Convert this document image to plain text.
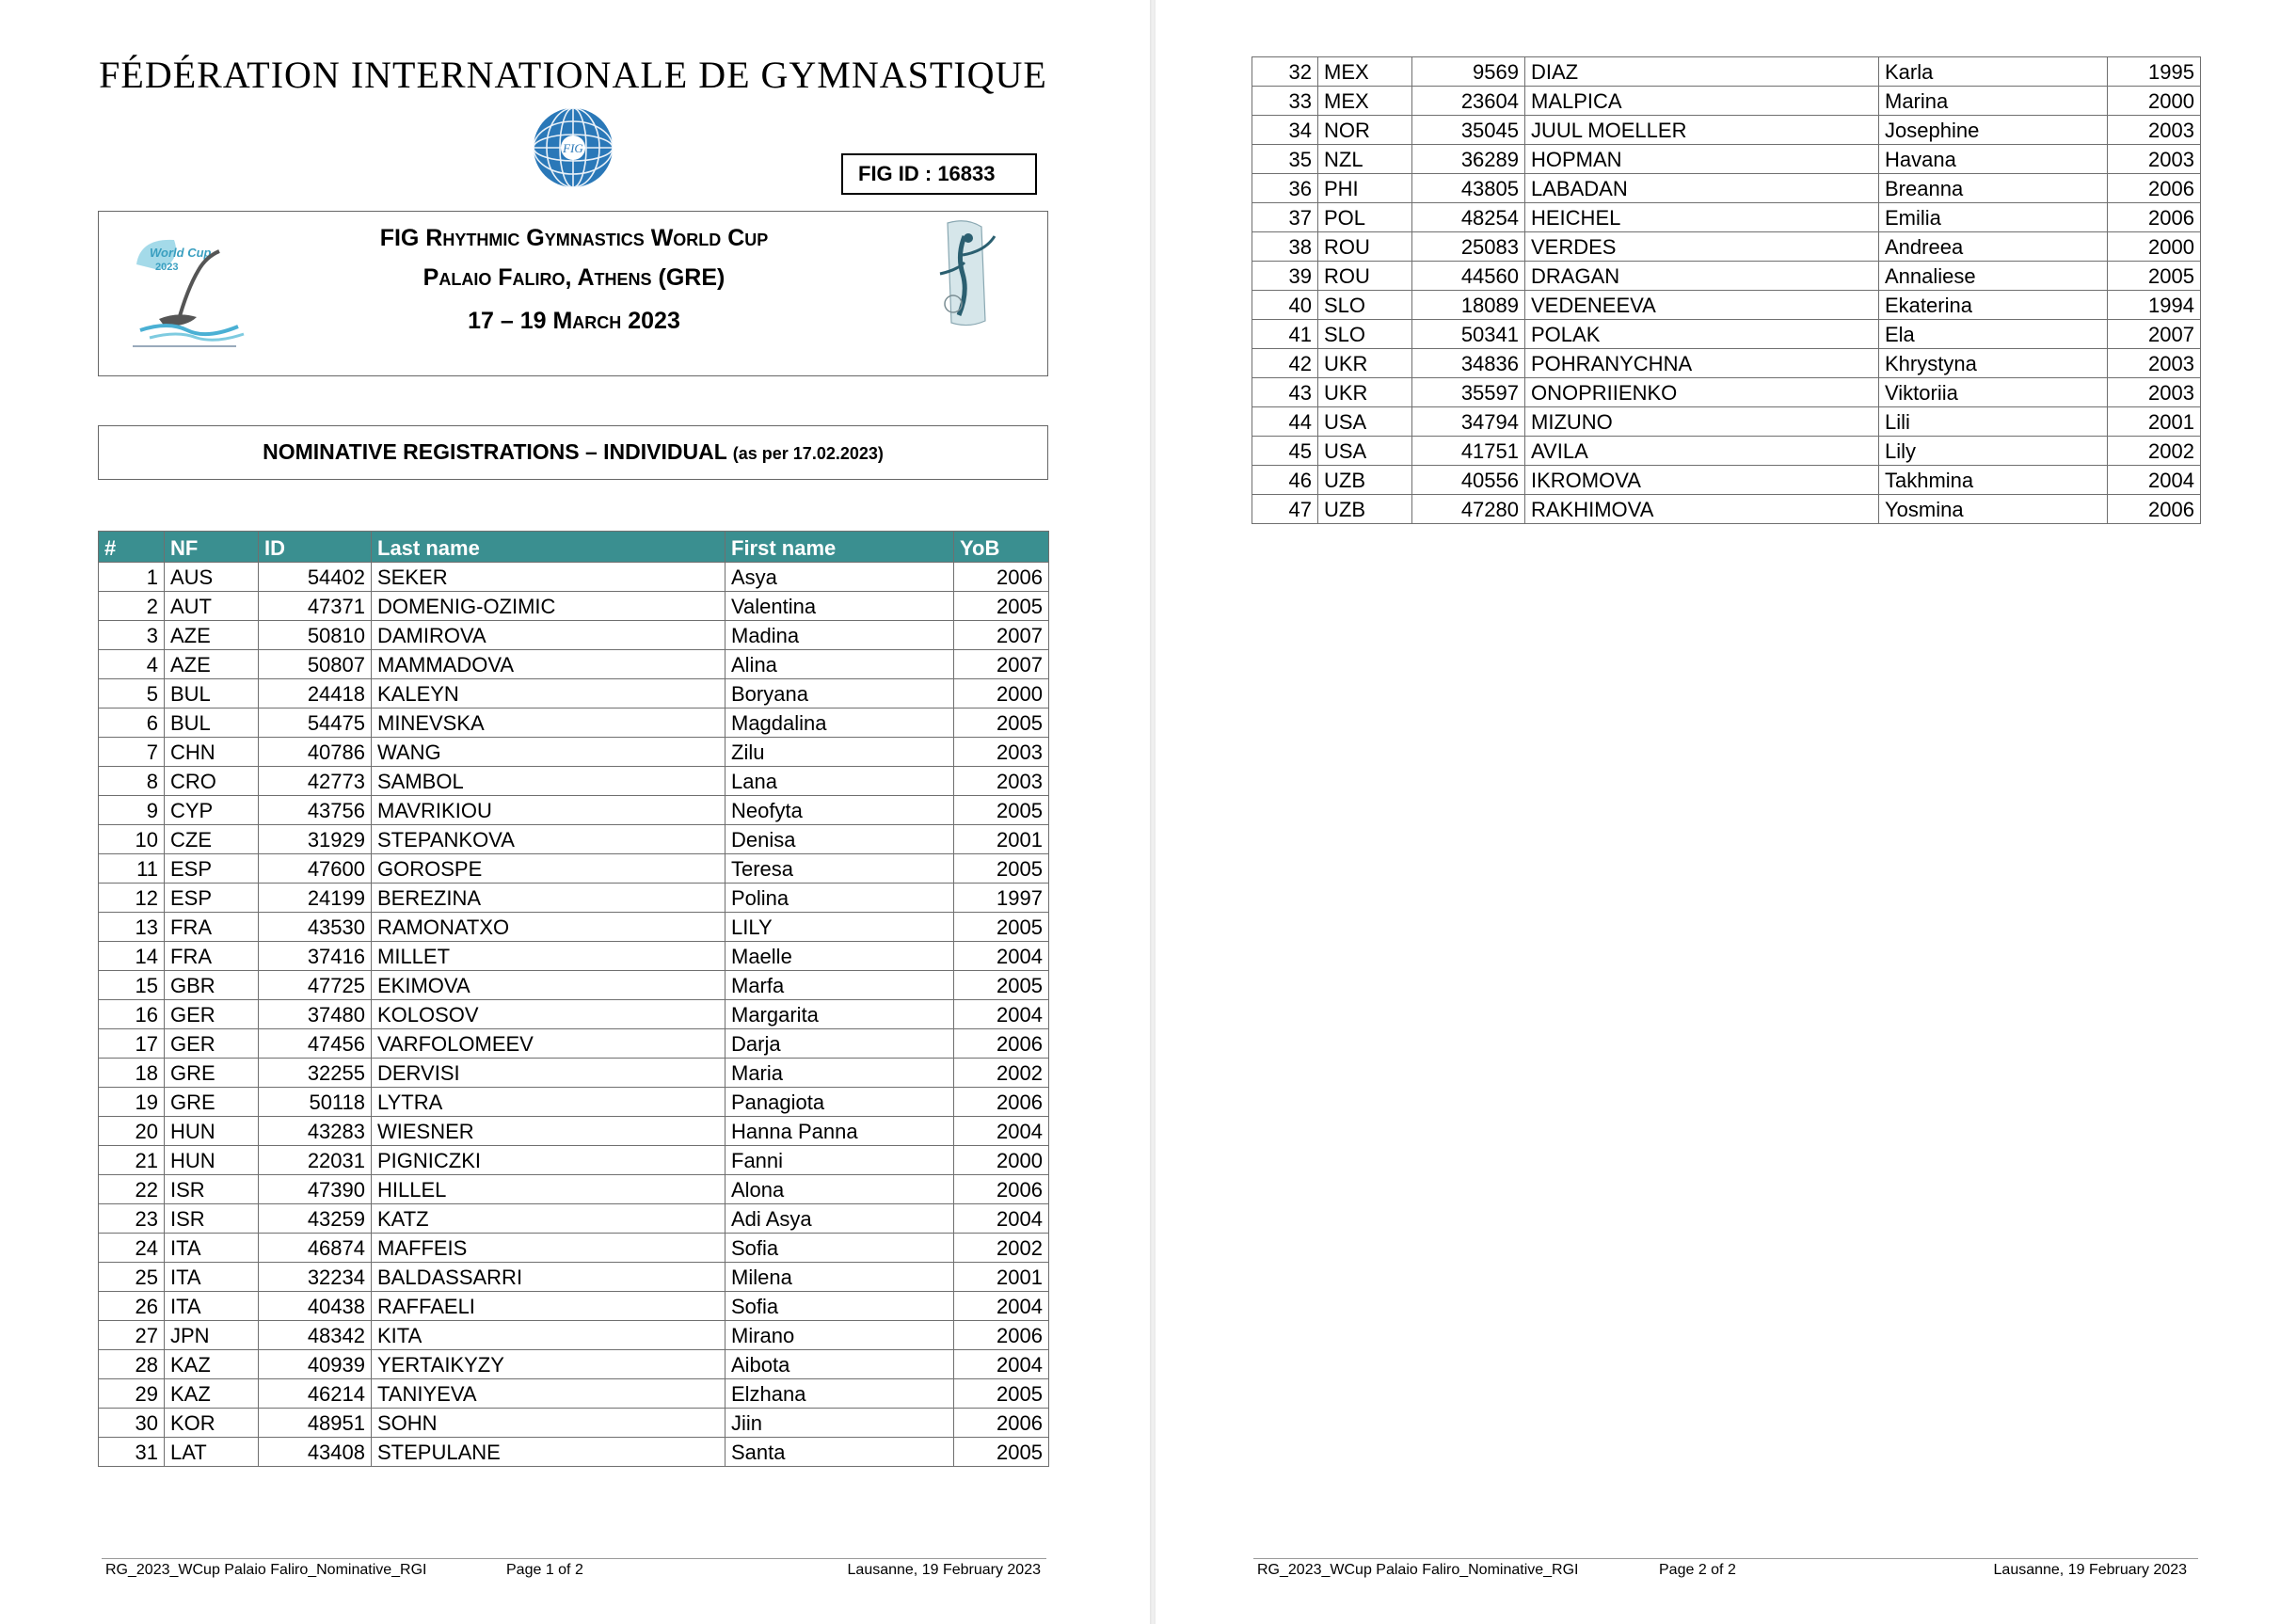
FÉDÉRATION INTERNATIONALE DE GYMNASTIQUE
FIG
FIG ID : 16833
World Cup
2023
FIG Rhythmic Gymnastics World Cup
Palaio Faliro, Athens (GRE)
17 – 19 March 2023
NOMINATIVE REGISTRATIONS – INDIVIDUAL (as per 17.02.2023)
#	NF	ID	Last name	First name	YoB
1	AUS	54402	SEKER	Asya	2006
2	AUT	47371	DOMENIG-OZIMIC	Valentina	2005
3	AZE	50810	DAMIROVA	Madina	2007
4	AZE	50807	MAMMADOVA	Alina	2007
5	BUL	24418	KALEYN	Boryana	2000
6	BUL	54475	MINEVSKA	Magdalina	2005
7	CHN	40786	WANG	Zilu	2003
8	CRO	42773	SAMBOL	Lana	2003
9	CYP	43756	MAVRIKIOU	Neofyta	2005
10	CZE	31929	STEPANKOVA	Denisa	2001
11	ESP	47600	GOROSPE	Teresa	2005
12	ESP	24199	BEREZINA	Polina	1997
13	FRA	43530	RAMONATXO	LILY	2005
14	FRA	37416	MILLET	Maelle	2004
15	GBR	47725	EKIMOVA	Marfa	2005
16	GER	37480	KOLOSOV	Margarita	2004
17	GER	47456	VARFOLOMEEV	Darja	2006
18	GRE	32255	DERVISI	Maria	2002
19	GRE	50118	LYTRA	Panagiota	2006
20	HUN	43283	WIESNER	Hanna Panna	2004
21	HUN	22031	PIGNICZKI	Fanni	2000
22	ISR	47390	HILLEL	Alona	2006
23	ISR	43259	KATZ	Adi Asya	2004
24	ITA	46874	MAFFEIS	Sofia	2002
25	ITA	32234	BALDASSARRI	Milena	2001
26	ITA	40438	RAFFAELI	Sofia	2004
27	JPN	48342	KITA	Mirano	2006
28	KAZ	40939	YERTAIKYZY	Aibota	2004
29	KAZ	46214	TANIYEVA	Elzhana	2005
30	KOR	48951	SOHN	Jiin	2006
31	LAT	43408	STEPULANE	Santa	2005
RG_2023_WCup Palaio Faliro_Nominative_RGI	Page 1 of 2	Lausanne, 19 February 2023	RG_2023_WCup Palaio Faliro_Nominative_RGI	Page 2 of 2	Lausanne, 19 February 2023
32	MEX	9569	DIAZ	Karla	1995
33	MEX	23604	MALPICA	Marina	2000
34	NOR	35045	JUUL MOELLER	Josephine	2003
35	NZL	36289	HOPMAN	Havana	2003
36	PHI	43805	LABADAN	Breanna	2006
37	POL	48254	HEICHEL	Emilia	2006
38	ROU	25083	VERDES	Andreea	2000
39	ROU	44560	DRAGAN	Annaliese	2005
40	SLO	18089	VEDENEEVA	Ekaterina	1994
41	SLO	50341	POLAK	Ela	2007
42	UKR	34836	POHRANYCHNA	Khrystyna	2003
43	UKR	35597	ONOPRIIENKO	Viktoriia	2003
44	USA	34794	MIZUNO	Lili	2001
45	USA	41751	AVILA	Lily	2002
46	UZB	40556	IKROMOVA	Takhmina	2004
47	UZB	47280	RAKHIMOVA	Yosmina	2006
